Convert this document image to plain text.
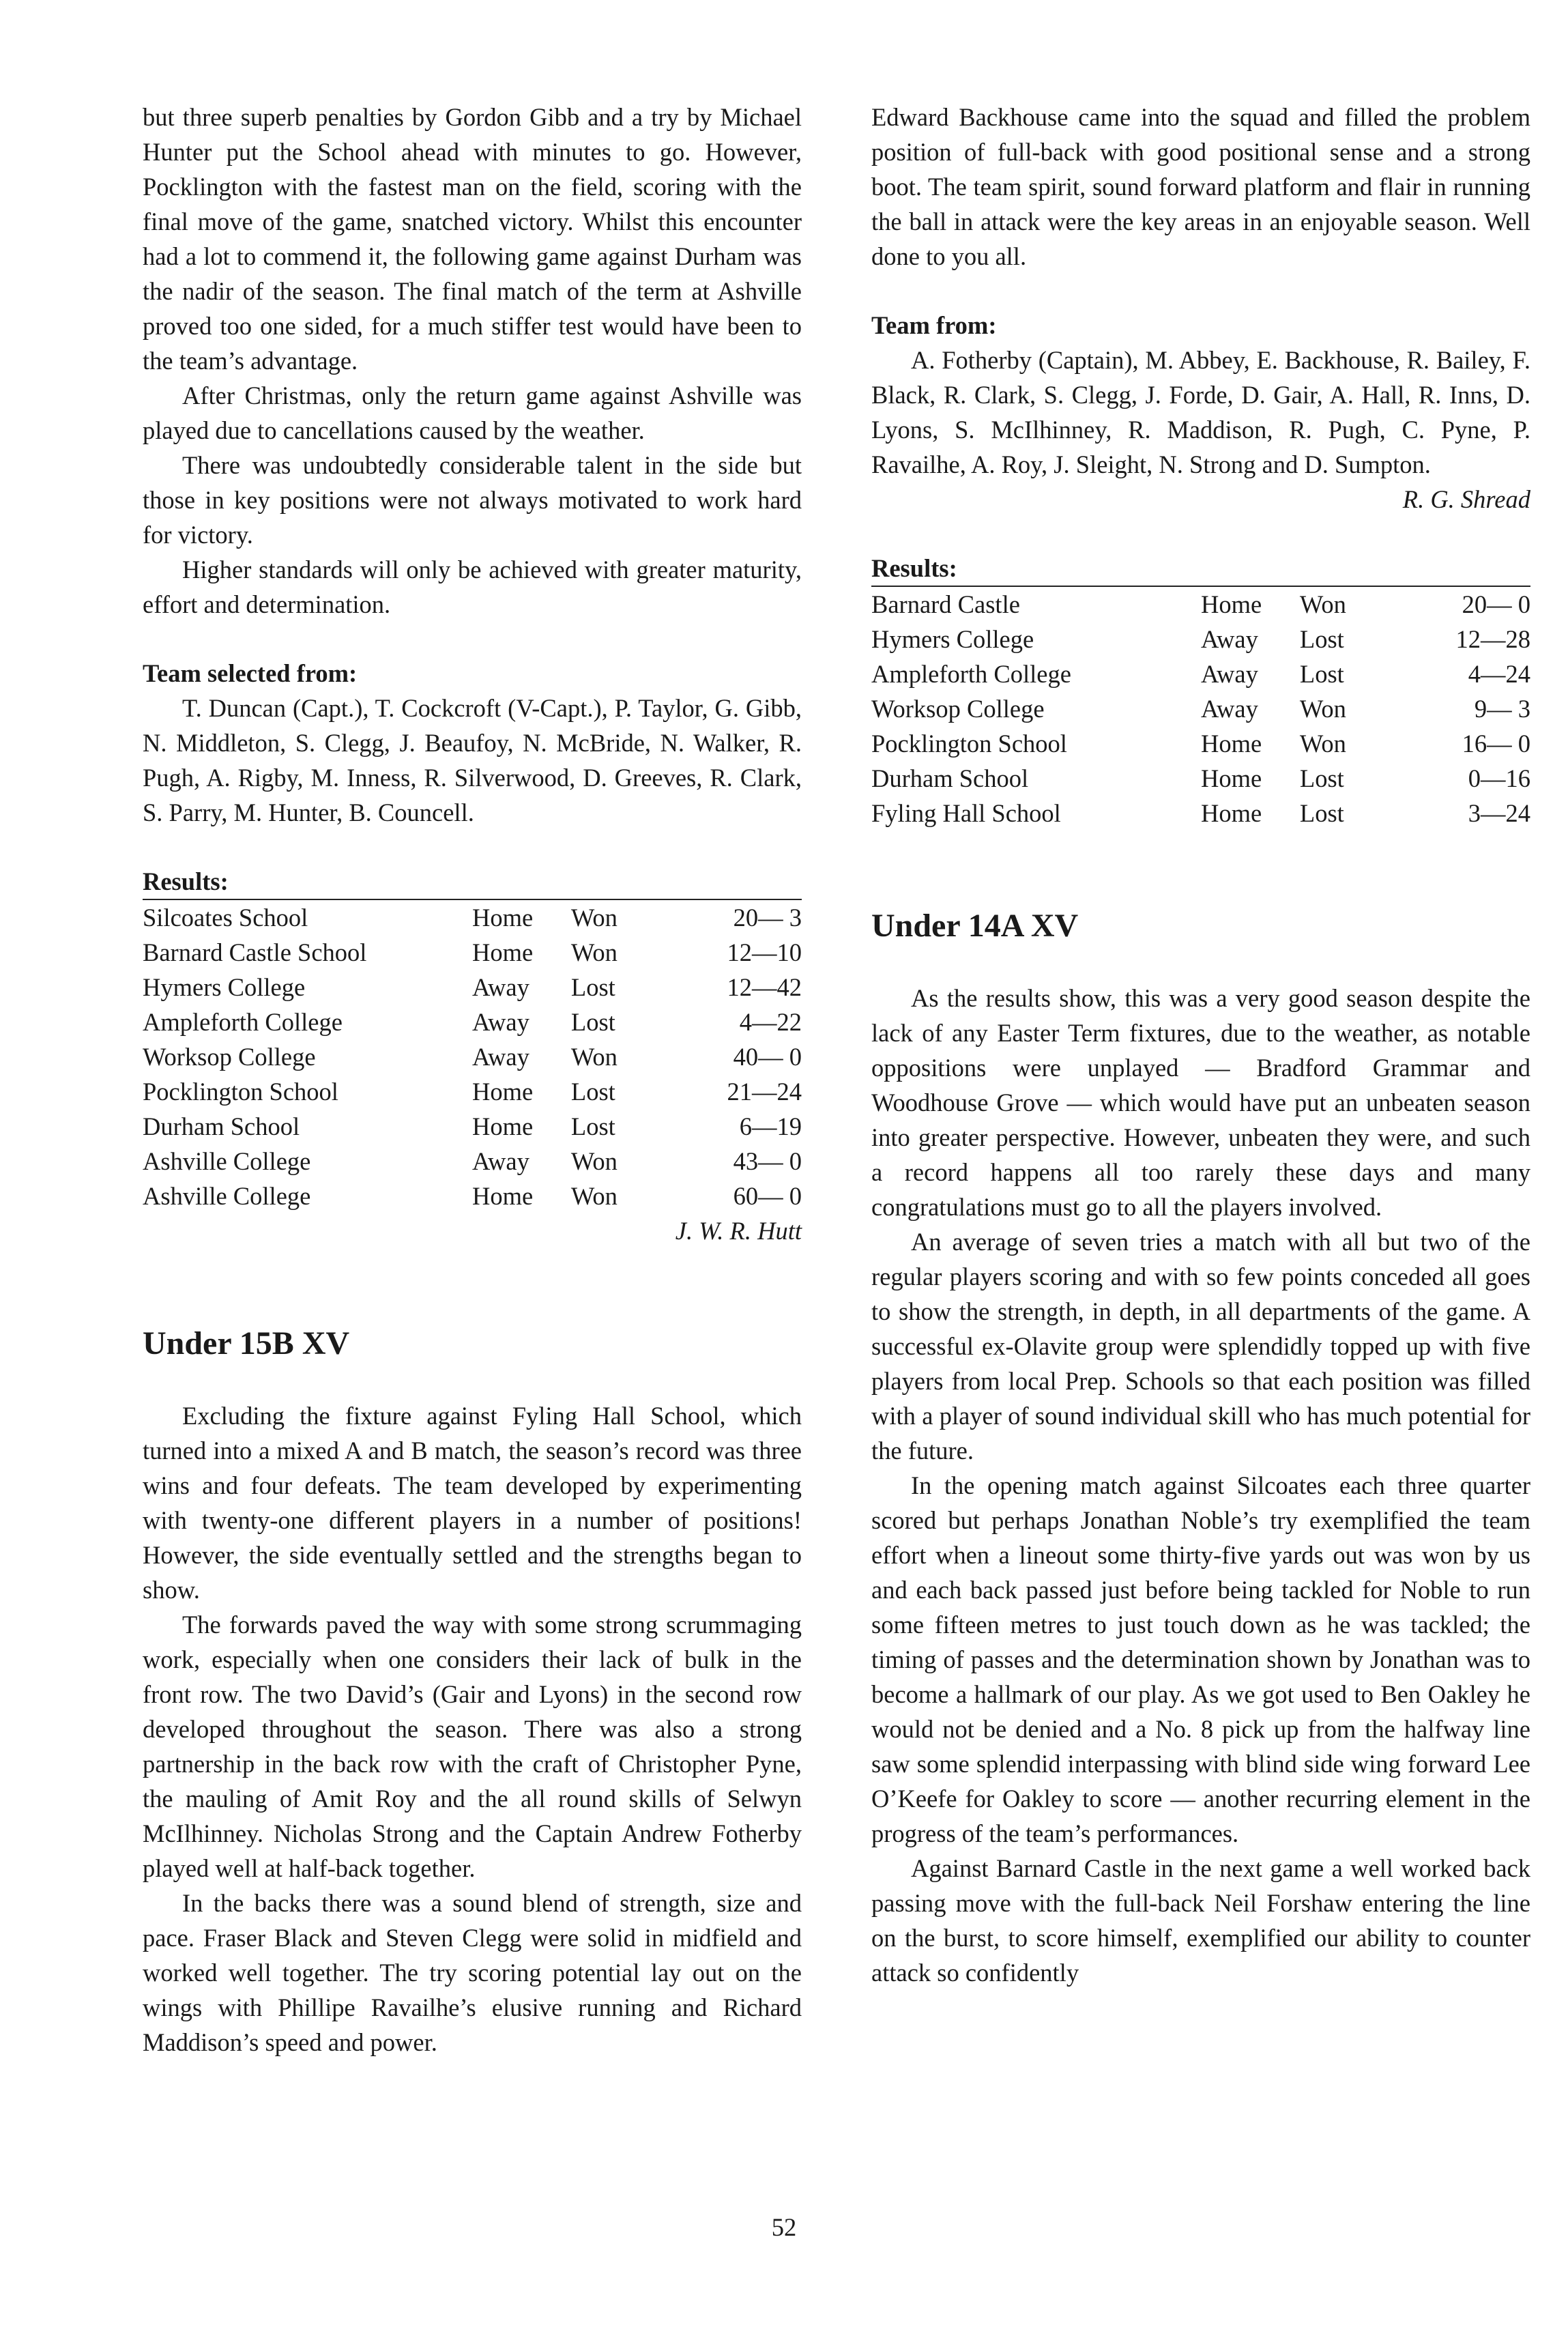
but three superb penalties by Gordon Gibb and a try by Michael Hunter put the School ahead with minutes to go. However, Pocklington with the fastest man on the field, scoring with the final move of the game, snatched victory. Whilst this encounter had a lot to commend it, the following game against Durham was the nadir of the season. The final match of the term at Ashville proved too one sided, for a much stiffer test would have been to the team’s advantage.

After Christmas, only the return game against Ashville was played due to cancellations caused by the weather.

There was undoubtedly considerable talent in the side but those in key positions were not always motivated to work hard for victory.

Higher standards will only be achieved with greater maturity, effort and determination.

Team selected from:

T. Duncan (Capt.), T. Cockcroft (V-Capt.), P. Taylor, G. Gibb, N. Middleton, S. Clegg, J. Beaufoy, N. McBride, N. Walker, R. Pugh, A. Rigby, M. Inness, R. Silverwood, D. Greeves, R. Clark, S. Parry, M. Hunter, B. Councell.

Results:
Silcoates School	Home	Won	20— 3
Barnard Castle School	Home	Won	12—10
Hymers College	Away	Lost	12—42
Ampleforth College	Away	Lost	4—22
Worksop College	Away	Won	40— 0
Pocklington School	Home	Lost	21—24
Durham School	Home	Lost	6—19
Ashville College	Away	Won	43— 0
Ashville College	Home	Won	60— 0
J. W. R. Hutt
Under 15B XV

Excluding the fixture against Fyling Hall School, which turned into a mixed A and B match, the season’s record was three wins and four defeats. The team developed by experimenting with twenty-one different players in a number of positions! However, the side eventually settled and the strengths began to show.

The forwards paved the way with some strong scrummaging work, especially when one considers their lack of bulk in the front row. The two David’s (Gair and Lyons) in the second row developed throughout the season. There was also a strong partnership in the back row with the craft of Christopher Pyne, the mauling of Amit Roy and the all round skills of Selwyn McIlhinney. Nicholas Strong and the Captain Andrew Fotherby played well at half-back together.

In the backs there was a sound blend of strength, size and pace. Fraser Black and Steven Clegg were solid in midfield and worked well together. The try scoring potential lay out on the wings with Phillipe Ravailhe’s elusive running and Richard Maddison’s speed and power.

Edward Backhouse came into the squad and filled the problem position of full-back with good positional sense and a strong boot. The team spirit, sound forward platform and flair in running the ball in attack were the key areas in an enjoyable season. Well done to you all.

Team from:

A. Fotherby (Captain), M. Abbey, E. Backhouse, R. Bailey, F. Black, R. Clark, S. Clegg, J. Forde, D. Gair, A. Hall, R. Inns, D. Lyons, S. McIlhinney, R. Maddison, R. Pugh, C. Pyne, P. Ravailhe, A. Roy, J. Sleight, N. Strong and D. Sumpton.

R. G. Shread
Results:
Barnard Castle	Home	Won	20— 0
Hymers College	Away	Lost	12—28
Ampleforth College	Away	Lost	4—24
Worksop College	Away	Won	9— 3
Pocklington School	Home	Won	16— 0
Durham School	Home	Lost	0—16
Fyling Hall School	Home	Lost	3—24
Under 14A XV

As the results show, this was a very good season despite the lack of any Easter Term fixtures, due to the weather, as notable oppositions were unplayed — Bradford Grammar and Woodhouse Grove — which would have put an unbeaten season into greater perspective. However, unbeaten they were, and such a record happens all too rarely these days and many congratulations must go to all the players involved.

An average of seven tries a match with all but two of the regular players scoring and with so few points conceded all goes to show the strength, in depth, in all departments of the game. A successful ex-Olavite group were splendidly topped up with five players from local Prep. Schools so that each position was filled with a player of sound individual skill who has much potential for the future.

In the opening match against Silcoates each three quarter scored but perhaps Jonathan Noble’s try exemplified the team effort when a lineout some thirty-five yards out was won by us and each back passed just before being tackled for Noble to run some fifteen metres to just touch down as he was tackled; the timing of passes and the determination shown by Jonathan was to become a hallmark of our play. As we got used to Ben Oakley he would not be denied and a No. 8 pick up from the halfway line saw some splendid interpassing with blind side wing forward Lee O’Keefe for Oakley to score — another recurring element in the progress of the team’s performances.

Against Barnard Castle in the next game a well worked back passing move with the full-back Neil Forshaw entering the line on the burst, to score himself, exemplified our ability to counter attack so confidently

52
